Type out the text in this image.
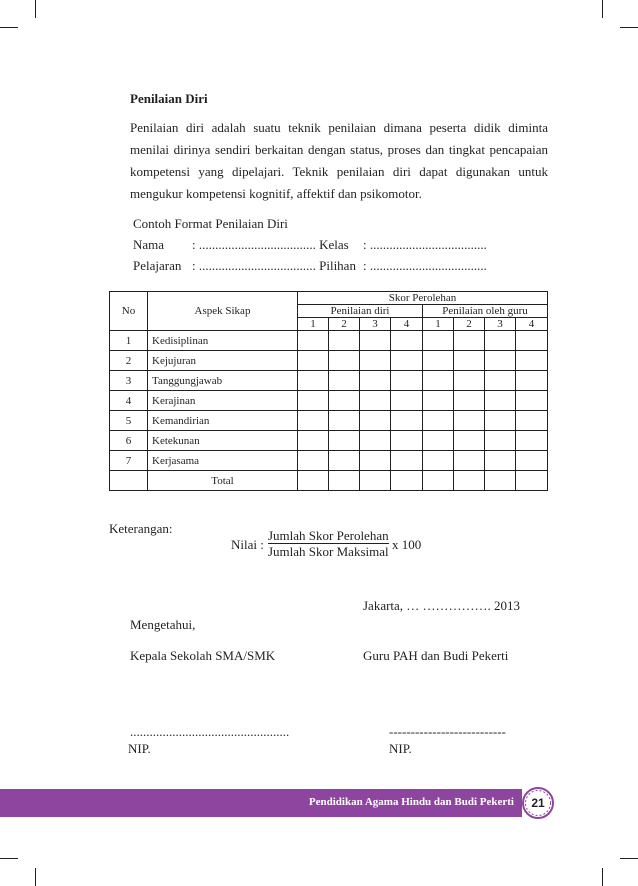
Penilaian Diri
Penilaian diri adalah suatu teknik penilaian dimana peserta didik diminta
menilai dirinya sendiri berkaitan dengan status, proses dan tingkat pencapaian
kompetensi yang dipelajari. Teknik penilaian diri dapat digunakan untuk
mengukur kompetensi kognitif, affektif dan psikomotor.
Contoh Format Penilaian Diri
Nama : .................................... Kelas : ....................................
Pelajaran : .................................... Pilihan : ....................................
No	Aspek Sikap	Skor Perolehan							
		Penilaian diri				Penilaian oleh guru			
		1	2	3	4	1	2	3	4
1	Kedisiplinan								
2	Kejujuran								
3	Tanggungjawab								
4	Kerajinan								
5	Kemandirian								
6	Ketekunan								
7	Kerjasama								
	Total								
Keterangan:
Nilai :
Jumlah Skor Perolehan
Jumlah Skor Maksimal x 100
Jakarta, … ……………. 2013
Mengetahui,
Kepala Sekolah SMA/SMK	Guru PAH dan Budi Pekerti
.................................................	---------------------------
NIP.	NIP.
Pendidikan Agama Hindu dan Budi Pekerti 21
